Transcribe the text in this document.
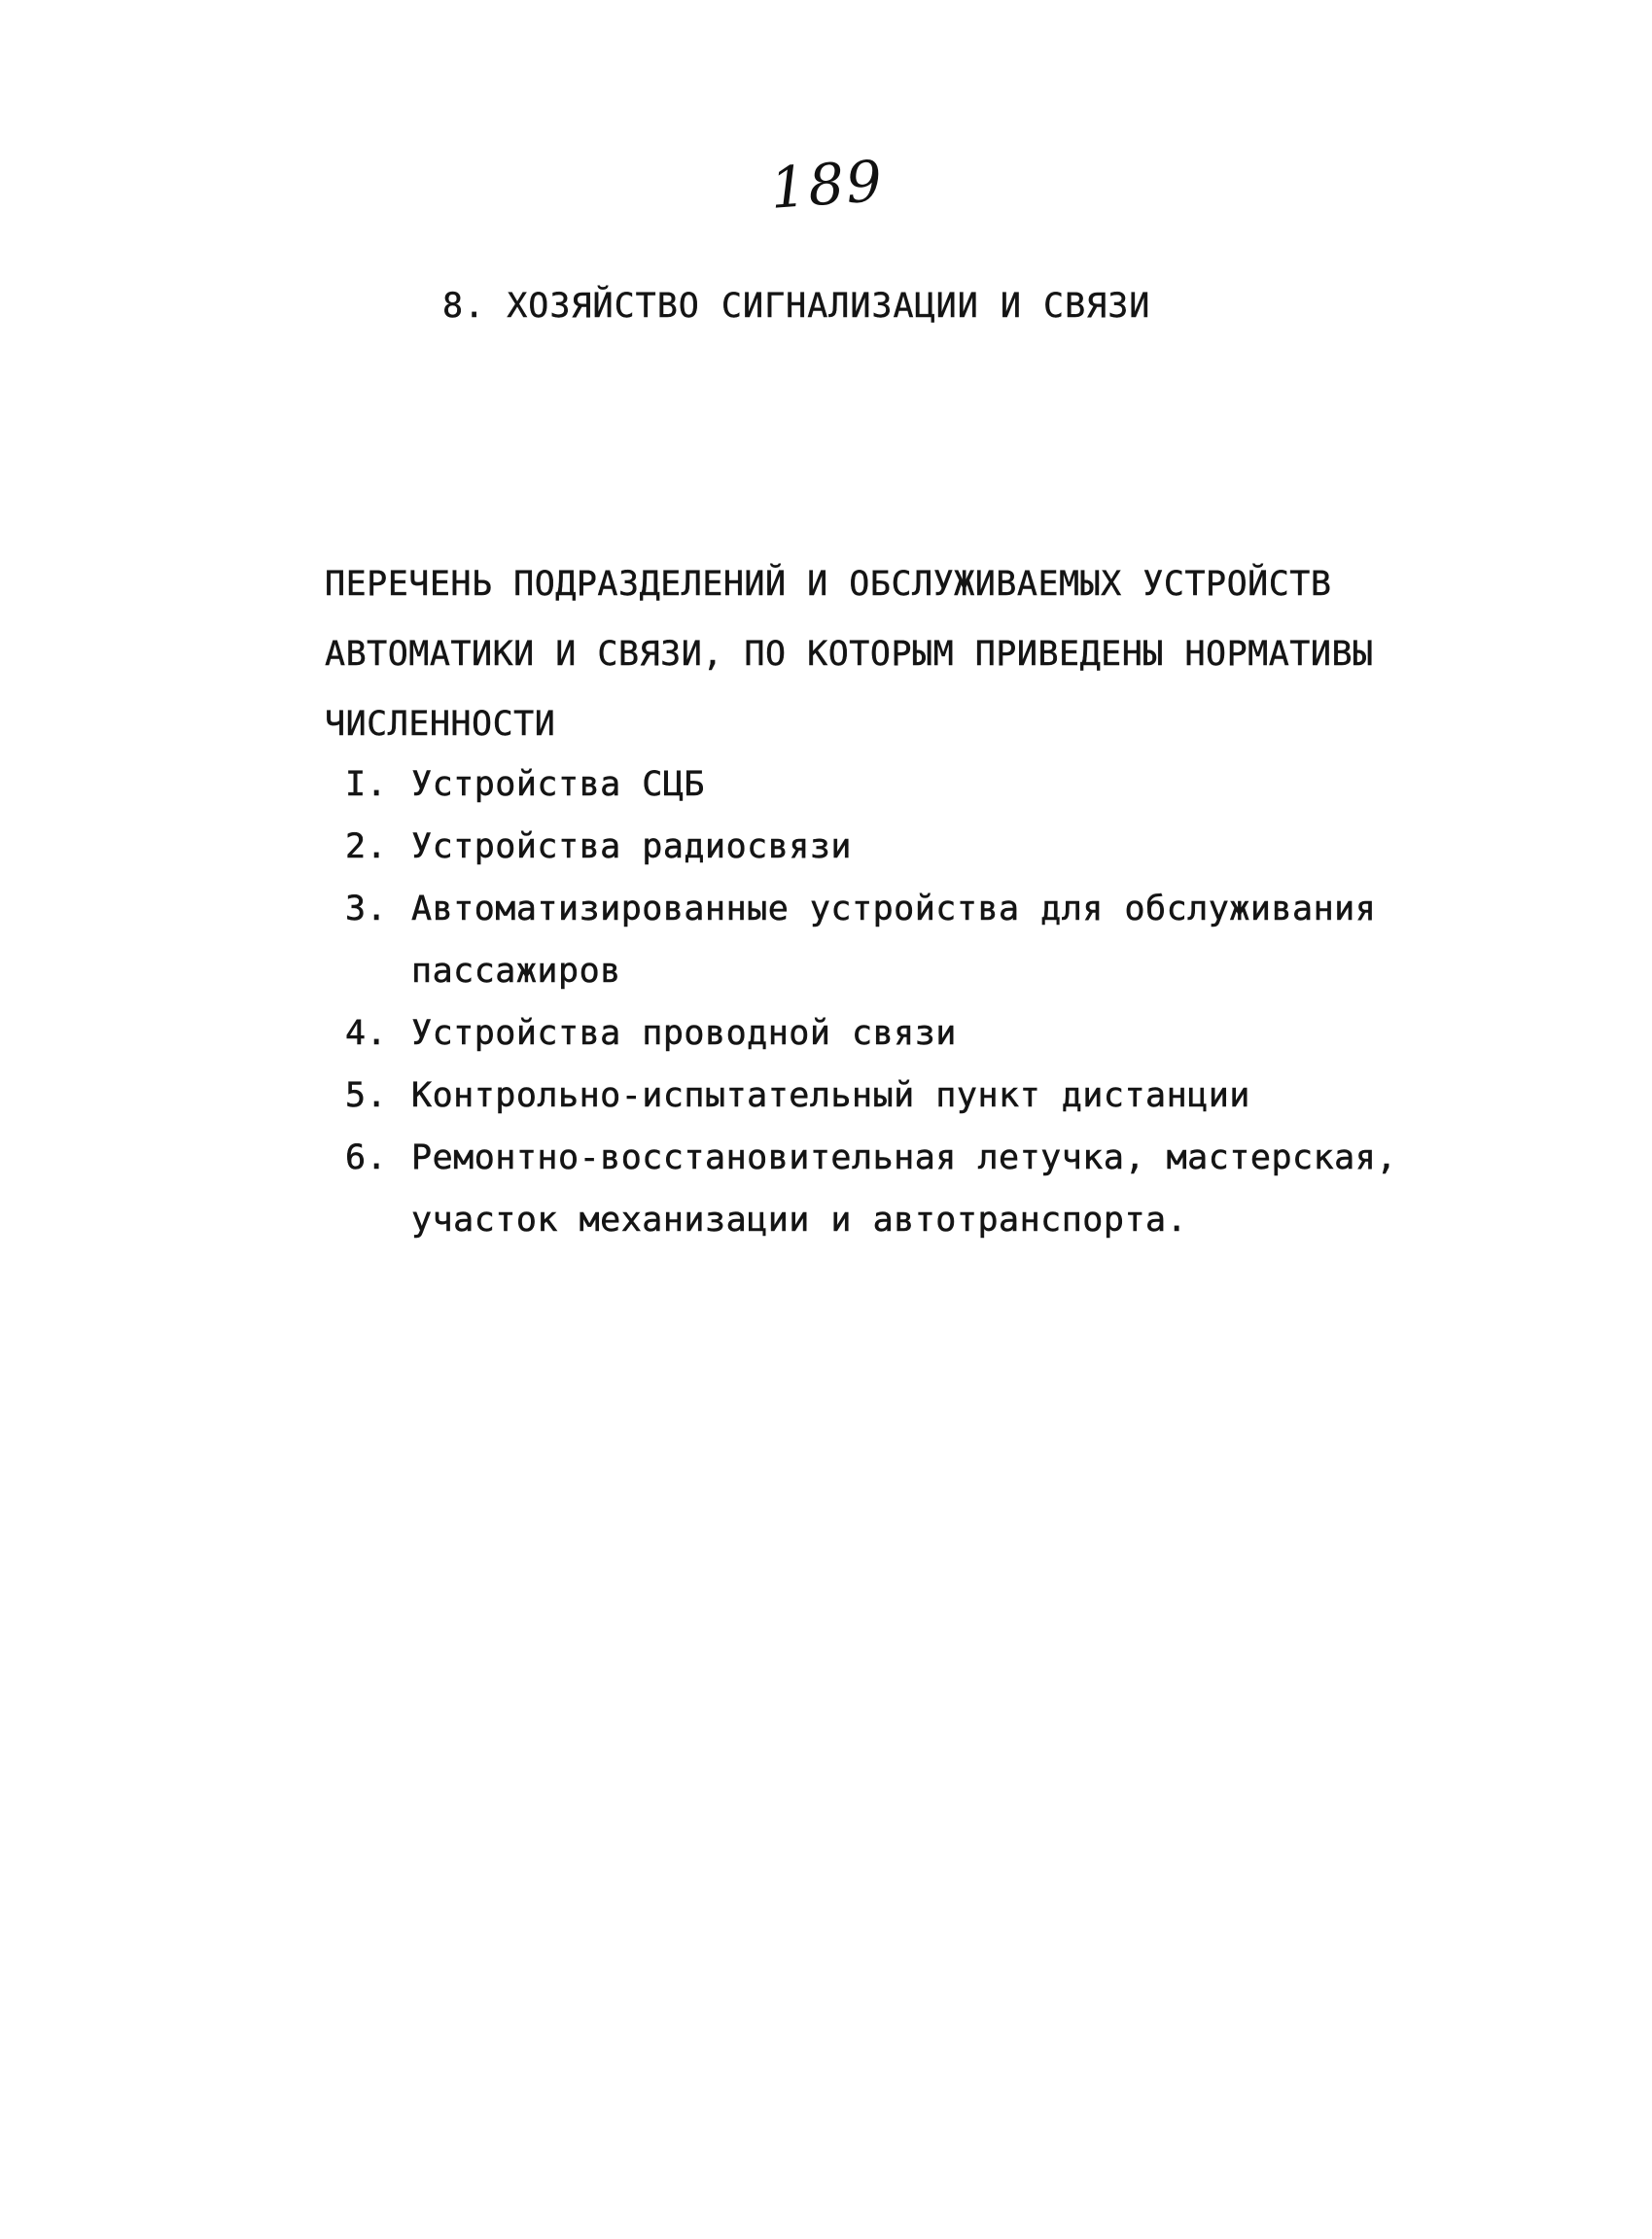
189
8. ХОЗЯЙСТВО СИГНАЛИЗАЦИИ И СВЯЗИ
ПЕРЕЧЕНЬ ПОДРАЗДЕЛЕНИЙ И ОБСЛУЖИВАЕМЫХ УСТРОЙСТВ
АВТОМАТИКИ И СВЯЗИ, ПО КОТОРЫМ ПРИВЕДЕНЫ НОРМАТИВЫ
ЧИСЛЕННОСТИ
I. Устройства СЦБ
2. Устройства радиосвязи
3. Автоматизированные устройства для обслуживания
пассажиров
4. Устройства проводной связи
5. Контрольно-испытательный пункт дистанции
6. Ремонтно-восстановительная летучка, мастерская,
участок механизации и автотранспорта.
